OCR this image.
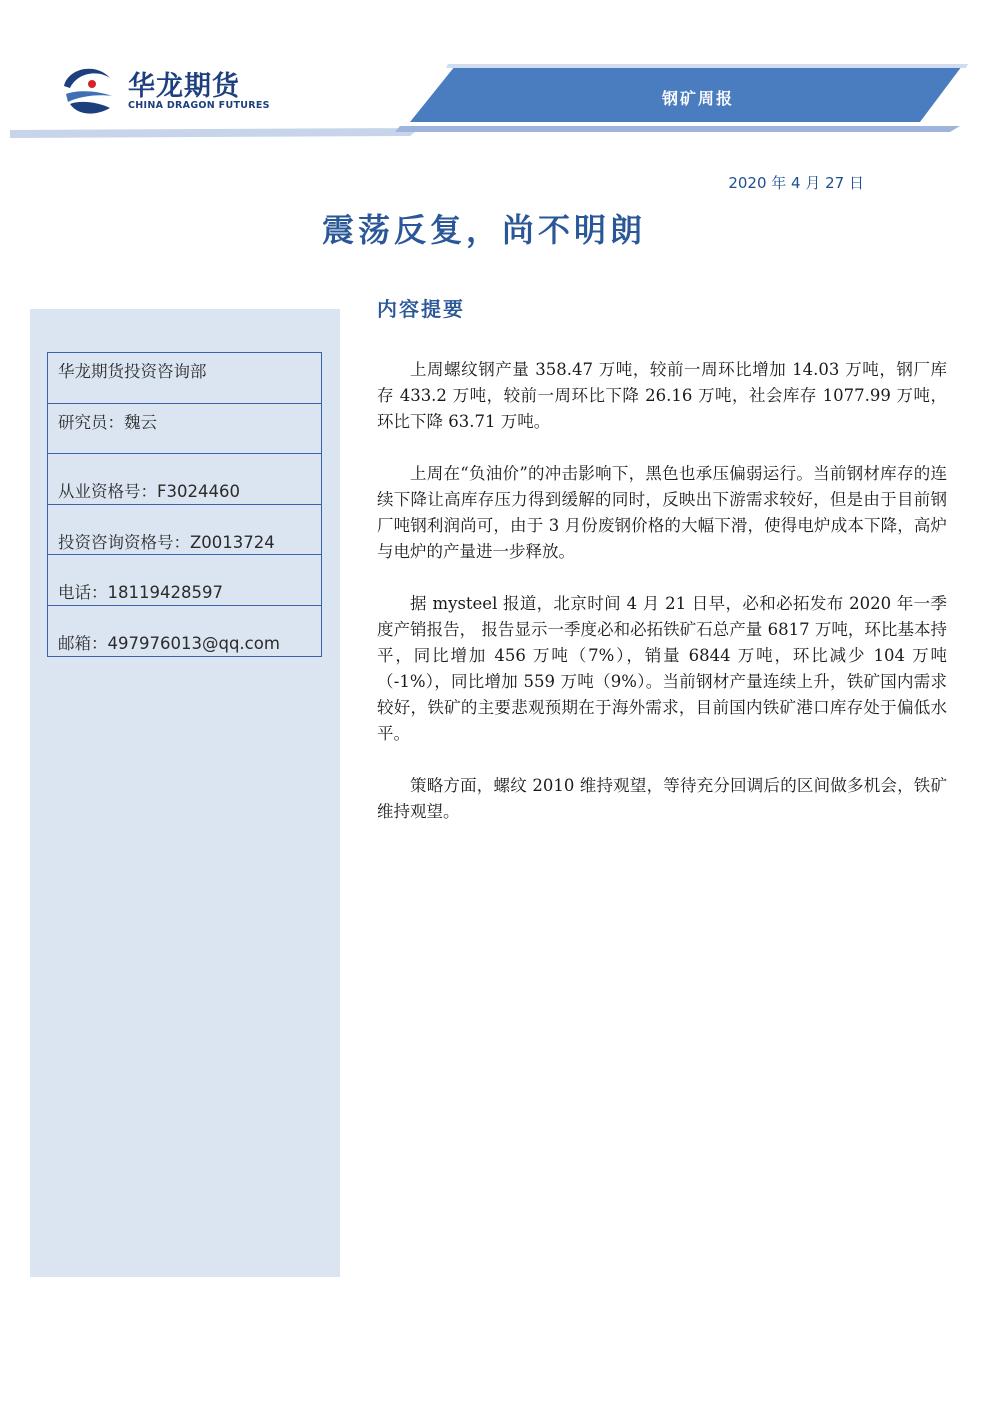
华龙期货
CHINA DRAGON FUTURES	钢矿周报
2020 年 4 月 27 日
震荡反复，尚不明朗
华龙期货投资咨询部
研究员：魏云
从业资格号：F3024460
投资咨询资格号：Z0013724
电话：18119428597
邮箱：497976013@qq.com
内容提要

上周螺纹钢产量 358.47 万吨，较前一周环比增加 14.03 万吨，钢厂库存 433.2 万吨，较前一周环比下降 26.16 万吨，社会库存 1077.99 万吨，环比下降 63.71 万吨。

上周在“负油价”的冲击影响下，黑色也承压偏弱运行。当前钢材库存的连续下降让高库存压力得到缓解的同时，反映出下游需求较好，但是由于目前钢厂吨钢利润尚可，由于 3 月份废钢价格的大幅下滑，使得电炉成本下降，高炉与电炉的产量进一步释放。

据 mysteel 报道，北京时间 4 月 21 日早，必和必拓发布 2020 年一季度产销报告， 报告显示一季度必和必拓铁矿石总产量 6817 万吨，环比基本持平，同比增加 456 万吨（7%），销量 6844 万吨，环比减少 104 万吨（-1%），同比增加 559 万吨（9%）。当前钢材产量连续上升，铁矿国内需求较好，铁矿的主要悲观预期在于海外需求，目前国内铁矿港口库存处于偏低水平。

策略方面，螺纹 2010 维持观望，等待充分回调后的区间做多机会，铁矿维持观望。
